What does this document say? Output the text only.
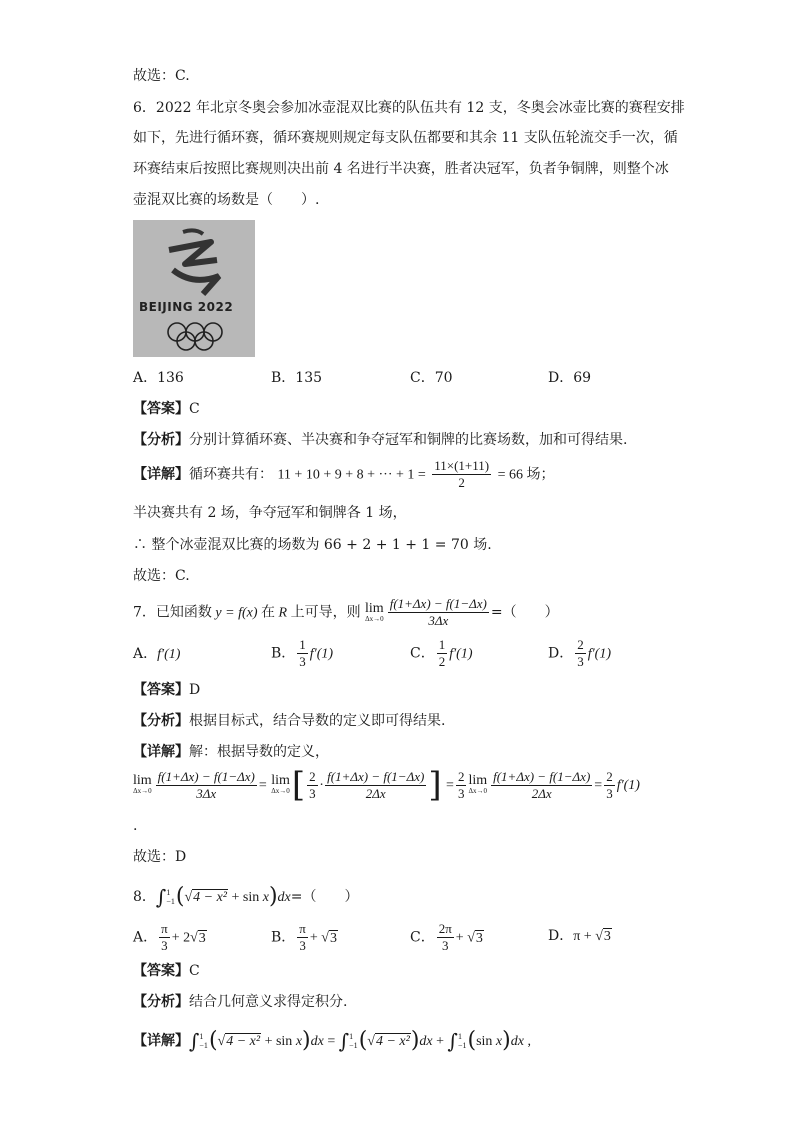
故选：C.
6．2022 年北京冬奥会参加冰壶混双比赛的队伍共有 12 支，冬奥会冰壶比赛的赛程安排
如下，先进行循环赛，循环赛规则规定每支队伍都要和其余 11 支队伍轮流交手一次，循
环赛结束后按照比赛规则决出前 4 名进行半决赛，胜者决冠军，负者争铜牌，则整个冰
壶混双比赛的场数是（　　）.
BEIJING 2022
A．136	B．135	C．70	D．69
【答案】C
【分析】分别计算循环赛、半决赛和争夺冠军和铜牌的比赛场数，加和可得结果.
【详解】循环赛共有： 11 + 10 + 9 + 8 + ··· + $1 = \frac{11\times(1+11)}{2} = 66$ 场；
半决赛共有 2 场，争夺冠军和铜牌各 1 场，
∴ 整个冰壶混双比赛的场数为 66 + 2 + 1 + 1 = 70 场.
故选：C.
7．已知函数 y = f(x) 在 R 上可导，则 lim
$\Delta x\to 0 \frac{f(1+\Delta x) - f(1-\Delta x)}{3\Delta x}$ =（　　）
A．f′(1)	B． $\frac{1}{3} f'(1)$	C． $\frac{1}{2} f'(1)$	D． $\frac{2}{3} f'(1)$
【答案】D
【分析】根据目标式，结合导数的定义即可得结果.
【详解】解：根据导数的定义，
lim
$\Delta x\to 0 \frac{f(1+\Delta x) - f(1-\Delta x)}{3\Delta x} = \lim$
Δx→0 [ $\frac{2}{3} \cdot \frac{f(1+\Delta x) - f(1-\Delta x)}{2\Delta x}$ ] = $\frac{2}{3}$ lim
$\Delta x\to 0 \frac{f(1+\Delta x) - f(1-\Delta x)}{2\Delta x} = \frac{2}{3} f'(1)$
.
故选：D
8．∫1
−1(√4 − x² + sin x)dx=（　　）
A． $\frac{\pi}{3} + 2√3$	B． $\frac{\pi}{3} + √3$	C． $\frac{2\pi}{3} + √3$	D．π + √3
【答案】C
【分析】结合几何意义求得定积分.
【详解】∫1
−1(√4 − x² + sin x)dx = ∫1
−1(√4 − x²)dx + ∫1
−1(sin x)dx ,
